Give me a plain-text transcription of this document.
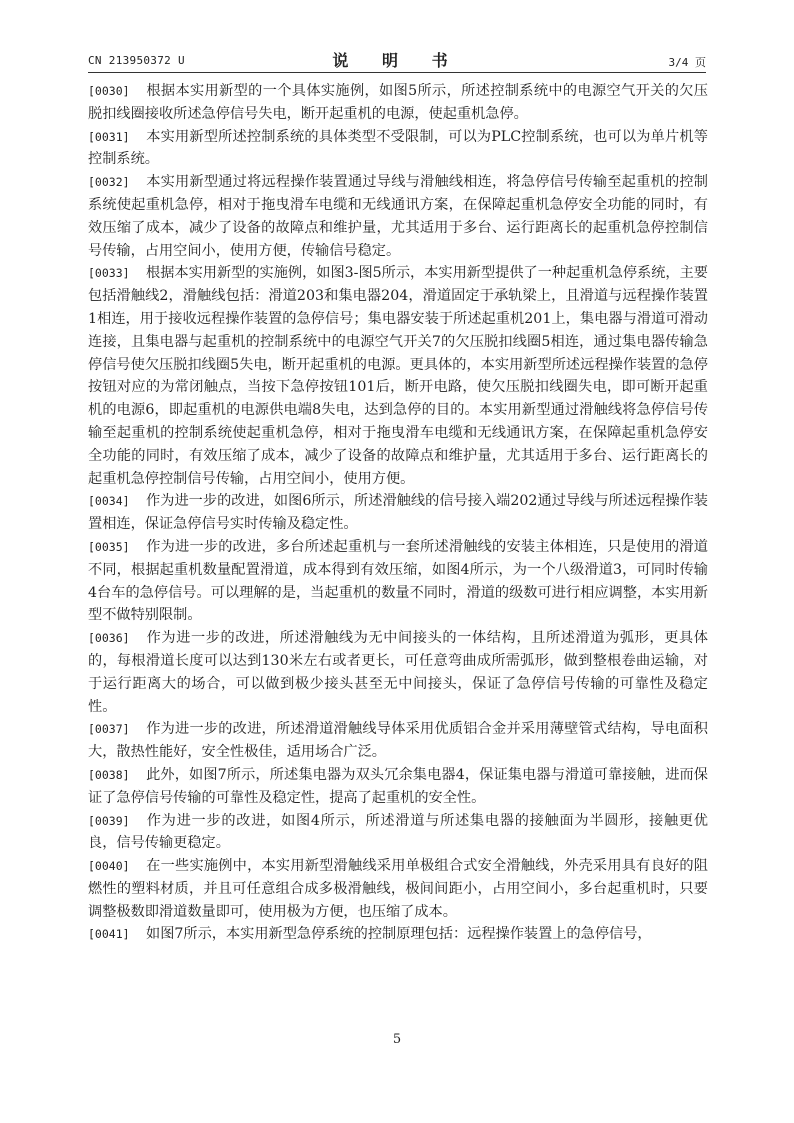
CN 213950372 U	说 明 书	3/4 页

[0030] 根据本实用新型的一个具体实施例，如图5所示，所述控制系统中的电源空气开关的欠压脱扣线圈接收所述急停信号失电，断开起重机的电源，使起重机急停。

[0031] 本实用新型所述控制系统的具体类型不受限制，可以为PLC控制系统，也可以为单片机等控制系统。

[0032] 本实用新型通过将远程操作装置通过导线与滑触线相连，将急停信号传输至起重机的控制系统使起重机急停，相对于拖曳滑车电缆和无线通讯方案，在保障起重机急停安全功能的同时，有效压缩了成本，减少了设备的故障点和维护量，尤其适用于多台、运行距离长的起重机急停控制信号传输，占用空间小，使用方便，传输信号稳定。

[0033] 根据本实用新型的实施例，如图3-图5所示，本实用新型提供了一种起重机急停系统，主要包括滑触线2，滑触线包括：滑道203和集电器204，滑道固定于承轨梁上，且滑道与远程操作装置1相连，用于接收远程操作装置的急停信号；集电器安装于所述起重机201上，集电器与滑道可滑动连接，且集电器与起重机的控制系统中的电源空气开关7的欠压脱扣线圈5相连，通过集电器传输急停信号使欠压脱扣线圈5失电，断开起重机的电源。更具体的，本实用新型所述远程操作装置的急停按钮对应的为常闭触点，当按下急停按钮101后，断开电路，使欠压脱扣线圈失电，即可断开起重机的电源6，即起重机的电源供电端8失电，达到急停的目的。本实用新型通过滑触线将急停信号传输至起重机的控制系统使起重机急停，相对于拖曳滑车电缆和无线通讯方案，在保障起重机急停安全功能的同时，有效压缩了成本，减少了设备的故障点和维护量，尤其适用于多台、运行距离长的起重机急停控制信号传输，占用空间小，使用方便。

[0034] 作为进一步的改进，如图6所示，所述滑触线的信号接入端202通过导线与所述远程操作装置相连，保证急停信号实时传输及稳定性。

[0035] 作为进一步的改进，多台所述起重机与一套所述滑触线的安装主体相连，只是使用的滑道不同，根据起重机数量配置滑道，成本得到有效压缩，如图4所示，为一个八级滑道3，可同时传输4台车的急停信号。可以理解的是，当起重机的数量不同时，滑道的级数可进行相应调整，本实用新型不做特别限制。

[0036] 作为进一步的改进，所述滑触线为无中间接头的一体结构，且所述滑道为弧形，更具体的，每根滑道长度可以达到130米左右或者更长，可任意弯曲成所需弧形，做到整根卷曲运输，对于运行距离大的场合，可以做到极少接头甚至无中间接头，保证了急停信号传输的可靠性及稳定性。

[0037] 作为进一步的改进，所述滑道滑触线导体采用优质铝合金并采用薄壁管式结构，导电面积大，散热性能好，安全性极佳，适用场合广泛。

[0038] 此外，如图7所示，所述集电器为双头冗余集电器4，保证集电器与滑道可靠接触，进而保证了急停信号传输的可靠性及稳定性，提高了起重机的安全性。

[0039] 作为进一步的改进，如图4所示，所述滑道与所述集电器的接触面为半圆形，接触更优良，信号传输更稳定。

[0040] 在一些实施例中，本实用新型滑触线采用单极组合式安全滑触线，外壳采用具有良好的阻燃性的塑料材质，并且可任意组合成多极滑触线，极间间距小，占用空间小，多台起重机时，只要调整极数即滑道数量即可，使用极为方便，也压缩了成本。

[0041] 如图7所示，本实用新型急停系统的控制原理包括：远程操作装置上的急停信号，

5
